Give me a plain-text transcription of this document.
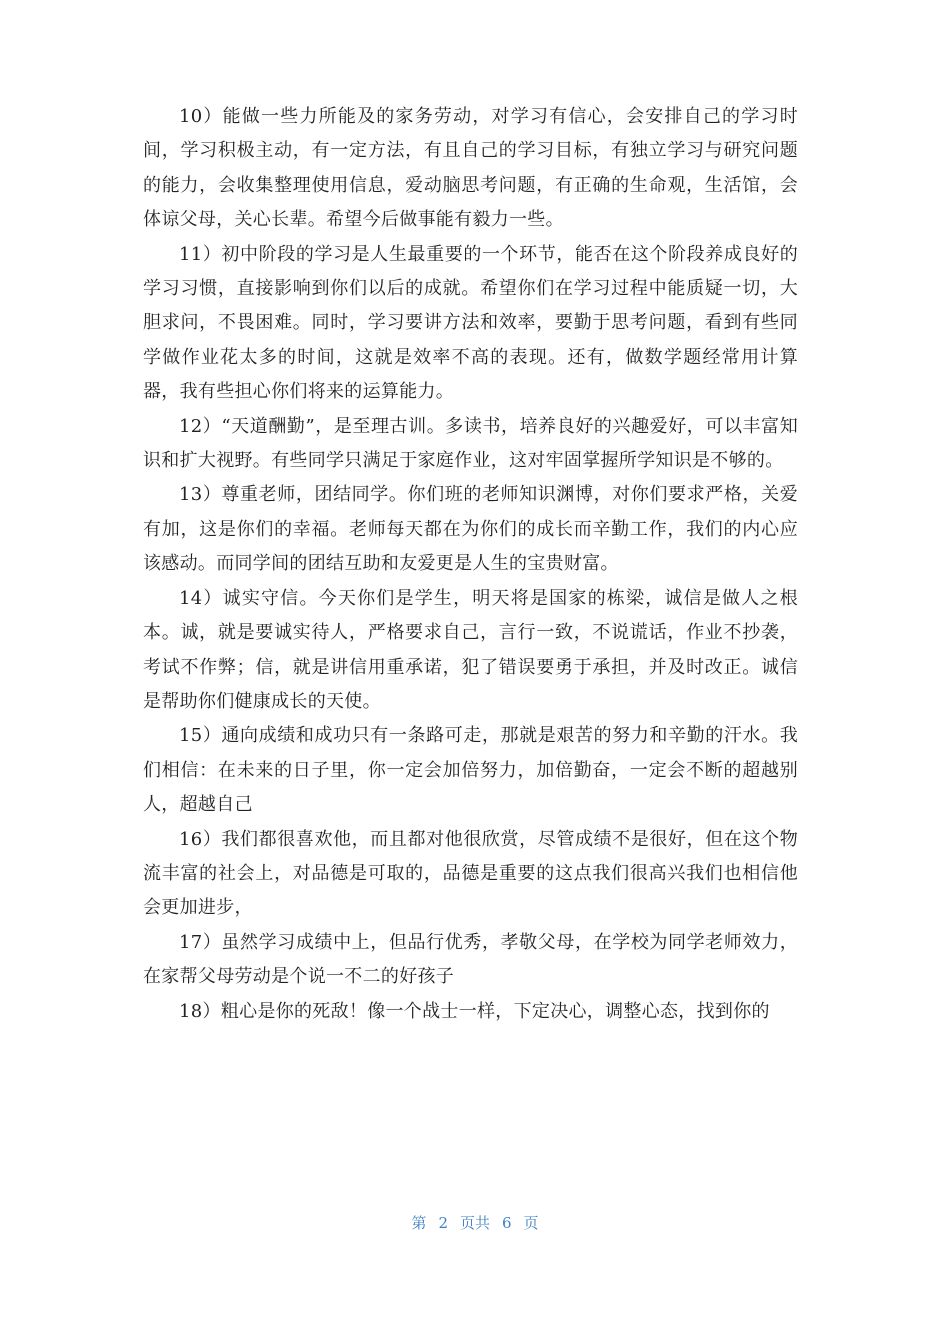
10）能做一些力所能及的家务劳动，对学习有信心，会安排自己的学习时间，学习积极主动，有一定方法，有且自己的学习目标，有独立学习与研究问题的能力，会收集整理使用信息，爱动脑思考问题，有正确的生命观，生活馆，会体谅父母，关心长辈。希望今后做事能有毅力一些。

11）初中阶段的学习是人生最重要的一个环节，能否在这个阶段养成良好的学习习惯，直接影响到你们以后的成就。希望你们在学习过程中能质疑一切，大胆求问，不畏困难。同时，学习要讲方法和效率，要勤于思考问题，看到有些同学做作业花太多的时间，这就是效率不高的表现。还有，做数学题经常用计算器，我有些担心你们将来的运算能力。

12）“天道酬勤”，是至理古训。多读书，培养良好的兴趣爱好，可以丰富知识和扩大视野。有些同学只满足于家庭作业，这对牢固掌握所学知识是不够的。

13）尊重老师，团结同学。你们班的老师知识渊博，对你们要求严格，关爱有加，这是你们的幸福。老师每天都在为你们的成长而辛勤工作，我们的内心应该感动。而同学间的团结互助和友爱更是人生的宝贵财富。

14）诚实守信。今天你们是学生，明天将是国家的栋梁，诚信是做人之根本。诚，就是要诚实待人，严格要求自己，言行一致，不说谎话，作业不抄袭，考试不作弊；信，就是讲信用重承诺，犯了错误要勇于承担，并及时改正。诚信是帮助你们健康成长的天使。

15）通向成绩和成功只有一条路可走，那就是艰苦的努力和辛勤的汗水。我们相信：在未来的日子里，你一定会加倍努力，加倍勤奋，一定会不断的超越别人，超越自己

16）我们都很喜欢他，而且都对他很欣赏，尽管成绩不是很好，但在这个物流丰富的社会上，对品德是可取的，品德是重要的这点我们很高兴我们也相信他会更加进步，

17）虽然学习成绩中上，但品行优秀，孝敬父母，在学校为同学老师效力，在家帮父母劳动是个说一不二的好孩子

18）粗心是你的死敌！像一个战士一样，下定决心，调整心态，找到你的

第 2 页共 6 页
